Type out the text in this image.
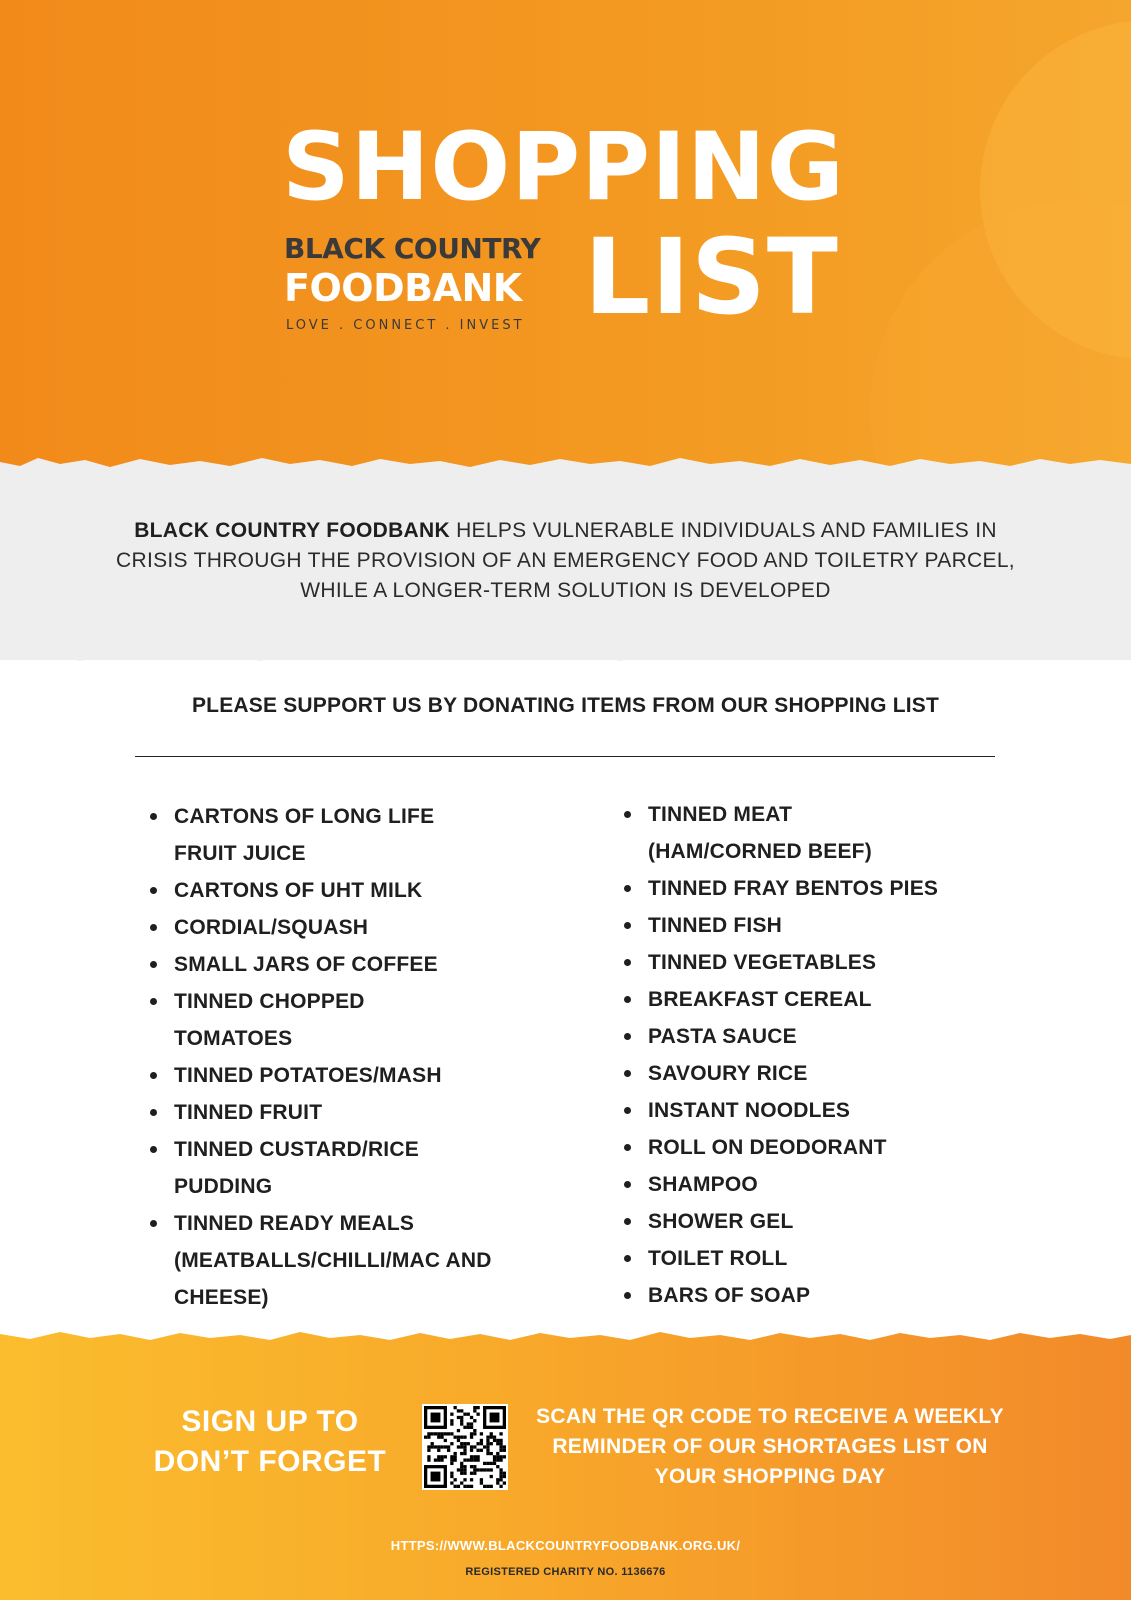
SHOPPING
BLACK COUNTRY
FOODBANK
LOVE . CONNECT . INVEST LIST
BLACK COUNTRY FOODBANK HELPS VULNERABLE INDIVIDUALS AND FAMILIES IN CRISIS THROUGH THE PROVISION OF AN EMERGENCY FOOD AND TOILETRY PARCEL, WHILE A LONGER-TERM SOLUTION IS DEVELOPED
PLEASE SUPPORT US BY DONATING ITEMS FROM OUR SHOPPING LIST
CARTONS OF LONG LIFE FRUIT JUICE
CARTONS OF UHT MILK
CORDIAL/SQUASH
SMALL JARS OF COFFEE
TINNED CHOPPED TOMATOES
TINNED POTATOES/MASH
TINNED FRUIT
TINNED CUSTARD/RICE PUDDING
TINNED READY MEALS (MEATBALLS/CHILLI/MAC AND CHEESE)
TINNED MEAT (HAM/CORNED BEEF)
TINNED FRAY BENTOS PIES
TINNED FISH
TINNED VEGETABLES
BREAKFAST CEREAL
PASTA SAUCE
SAVOURY RICE
INSTANT NOODLES
ROLL ON DEODORANT
SHAMPOO
SHOWER GEL
TOILET ROLL
BARS OF SOAP
SIGN UP TO
DON’T FORGET
SCAN THE QR CODE TO RECEIVE A WEEKLY REMINDER OF OUR SHORTAGES LIST ON YOUR SHOPPING DAY
HTTPS://WWW.BLACKCOUNTRYFOODBANK.ORG.UK/
REGISTERED CHARITY NO. 1136676
